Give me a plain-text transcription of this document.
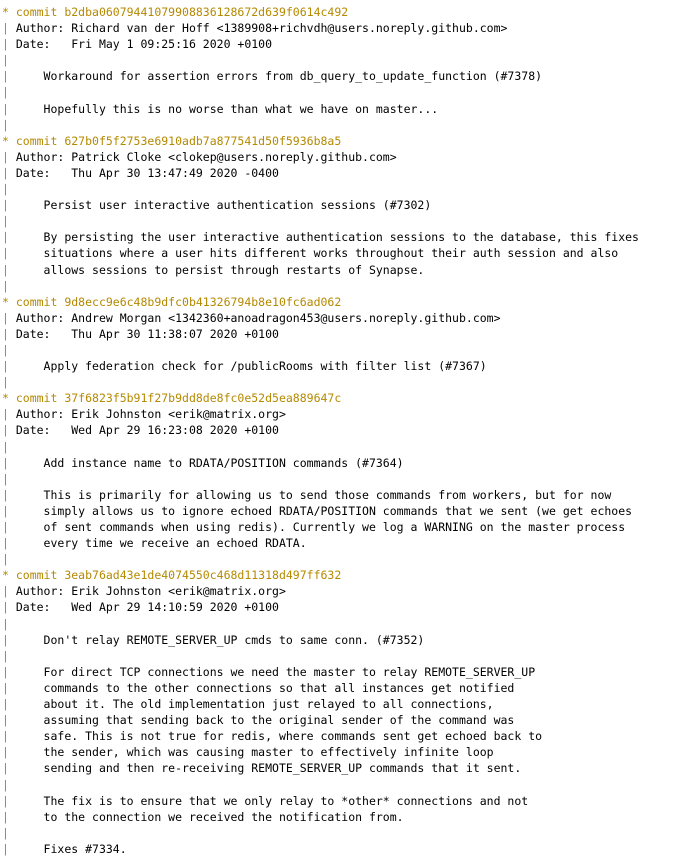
* commit b2dba06079441079908836128672d639f0614c492
| Author: Richard van der Hoff <1389908+richvdh@users.noreply.github.com>
| Date:   Fri May 1 09:25:16 2020 +0100
|
|     Workaround for assertion errors from db_query_to_update_function (#7378)
|
|     Hopefully this is no worse than what we have on master...
|
* commit 627b0f5f2753e6910adb7a877541d50f5936b8a5
| Author: Patrick Cloke <clokep@users.noreply.github.com>
| Date:   Thu Apr 30 13:47:49 2020 -0400
|
|     Persist user interactive authentication sessions (#7302)
|
|     By persisting the user interactive authentication sessions to the database, this fixes
|     situations where a user hits different works throughout their auth session and also
|     allows sessions to persist through restarts of Synapse.
|
* commit 9d8ecc9e6c48b9dfc0b41326794b8e10fc6ad062
| Author: Andrew Morgan <1342360+anoadragon453@users.noreply.github.com>
| Date:   Thu Apr 30 11:38:07 2020 +0100
|
|     Apply federation check for /publicRooms with filter list (#7367)
|
* commit 37f6823f5b91f27b9dd8de8fc0e52d5ea889647c
| Author: Erik Johnston <erik@matrix.org>
| Date:   Wed Apr 29 16:23:08 2020 +0100
|
|     Add instance name to RDATA/POSITION commands (#7364)
|
|     This is primarily for allowing us to send those commands from workers, but for now
|     simply allows us to ignore echoed RDATA/POSITION commands that we sent (we get echoes
|     of sent commands when using redis). Currently we log a WARNING on the master process
|     every time we receive an echoed RDATA.
|
* commit 3eab76ad43e1de4074550c468d11318d497ff632
| Author: Erik Johnston <erik@matrix.org>
| Date:   Wed Apr 29 14:10:59 2020 +0100
|
|     Don't relay REMOTE_SERVER_UP cmds to same conn. (#7352)
|
|     For direct TCP connections we need the master to relay REMOTE_SERVER_UP
|     commands to the other connections so that all instances get notified
|     about it. The old implementation just relayed to all connections,
|     assuming that sending back to the original sender of the command was
|     safe. This is not true for redis, where commands sent get echoed back to
|     the sender, which was causing master to effectively infinite loop
|     sending and then re-receiving REMOTE_SERVER_UP commands that it sent.
|
|     The fix is to ensure that we only relay to *other* connections and not
|     to the connection we received the notification from.
|
|     Fixes #7334.
